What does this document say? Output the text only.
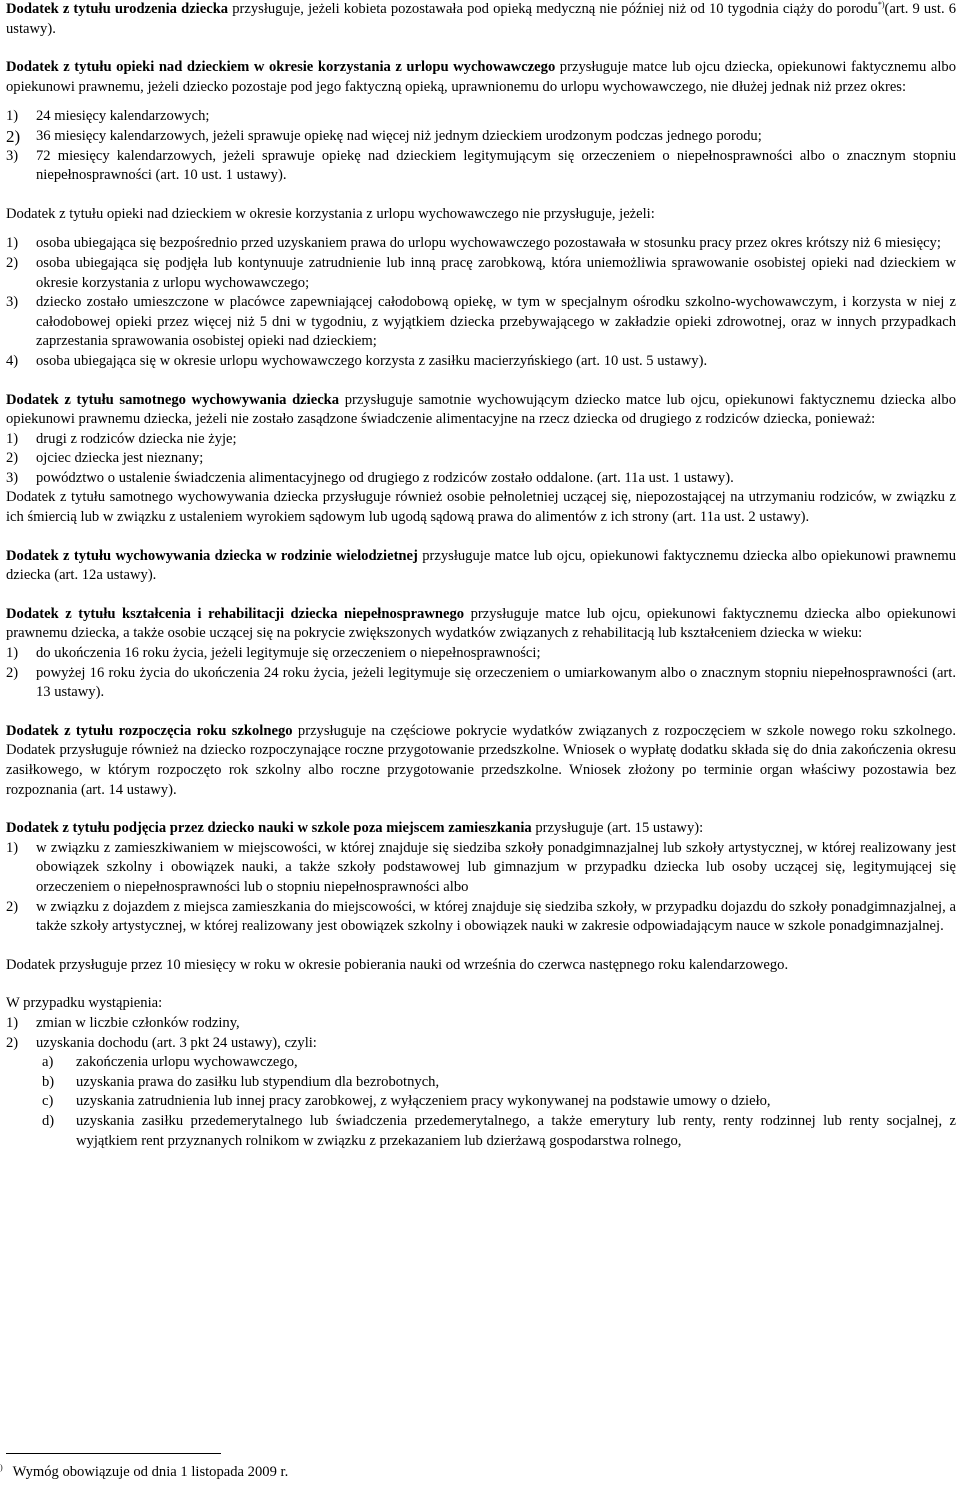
Dodatek z tytułu urodzenia dziecka przysługuje, jeżeli kobieta pozostawała pod opieką medyczną nie później niż od 10 tygodnia ciąży do porodu*)(art. 9 ust. 6 ustawy).

Dodatek z tytułu opieki nad dzieckiem w okresie korzystania z urlopu wychowawczego przysługuje matce lub ojcu dziecka, opiekunowi faktycznemu albo opiekunowi prawnemu, jeżeli dziecko pozostaje pod jego faktyczną opieką, uprawnionemu do urlopu wychowawczego, nie dłużej jednak niż przez okres:

1)	24 miesięcy kalendarzowych;
2)	36 miesięcy kalendarzowych, jeżeli sprawuje opiekę nad więcej niż jednym dzieckiem urodzonym podczas jednego porodu;
3)	72 miesięcy kalendarzowych, jeżeli sprawuje opiekę nad dzieckiem legitymującym się orzeczeniem o niepełnosprawności albo o znacznym stopniu niepełnosprawności (art. 10 ust. 1 ustawy).

Dodatek z tytułu opieki nad dzieckiem w okresie korzystania z urlopu wychowawczego nie przysługuje, jeżeli:

1)	osoba ubiegająca się bezpośrednio przed uzyskaniem prawa do urlopu wychowawczego pozostawała w stosunku pracy przez okres krótszy niż 6 miesięcy;
2)	osoba ubiegająca się podjęła lub kontynuuje zatrudnienie lub inną pracę zarobkową, która uniemożliwia sprawowanie osobistej opieki nad dzieckiem w okresie korzystania z urlopu wychowawczego;
3)	dziecko zostało umieszczone w placówce zapewniającej całodobową opiekę, w tym w specjalnym ośrodku szkolno-wychowawczym, i korzysta w niej z całodobowej opieki przez więcej niż 5 dni w tygodniu, z wyjątkiem dziecka przebywającego w zakładzie opieki zdrowotnej, oraz w innych przypadkach zaprzestania sprawowania osobistej opieki nad dzieckiem;
4)	osoba ubiegająca się w okresie urlopu wychowawczego korzysta z zasiłku macierzyńskiego (art. 10 ust. 5 ustawy).

Dodatek z tytułu samotnego wychowywania dziecka przysługuje samotnie wychowującym dziecko matce lub ojcu, opiekunowi faktycznemu dziecka albo opiekunowi prawnemu dziecka, jeżeli nie zostało zasądzone świadczenie alimentacyjne na rzecz dziecka od drugiego z rodziców dziecka, ponieważ:

1)	drugi z rodziców dziecka nie żyje;
2)	ojciec dziecka jest nieznany;
3)	powództwo o ustalenie świadczenia alimentacyjnego od drugiego z rodziców zostało oddalone. (art. 11a ust. 1 ustawy).

Dodatek z tytułu samotnego wychowywania dziecka przysługuje również osobie pełnoletniej uczącej się, niepozostającej na utrzymaniu rodziców, w związku z ich śmiercią lub w związku z ustaleniem wyrokiem sądowym lub ugodą sądową prawa do alimentów z ich strony (art. 11a ust. 2 ustawy).

Dodatek z tytułu wychowywania dziecka w rodzinie wielodzietnej przysługuje matce lub ojcu, opiekunowi faktycznemu dziecka albo opiekunowi prawnemu dziecka (art. 12a ustawy).

Dodatek z tytułu kształcenia i rehabilitacji dziecka niepełnosprawnego przysługuje matce lub ojcu, opiekunowi faktycznemu dziecka albo opiekunowi prawnemu dziecka, a także osobie uczącej się na pokrycie zwiększonych wydatków związanych z rehabilitacją lub kształceniem dziecka w wieku:

1)	do ukończenia 16 roku życia, jeżeli legitymuje się orzeczeniem o niepełnosprawności;
2)	powyżej 16 roku życia do ukończenia 24 roku życia, jeżeli legitymuje się orzeczeniem o umiarkowanym albo o znacznym stopniu niepełnosprawności (art. 13 ustawy).

Dodatek z tytułu rozpoczęcia roku szkolnego przysługuje na częściowe pokrycie wydatków związanych z rozpoczęciem w szkole nowego roku szkolnego. Dodatek przysługuje również na dziecko rozpoczynające roczne przygotowanie przedszkolne. Wniosek o wypłatę dodatku składa się do dnia zakończenia okresu zasiłkowego, w którym rozpoczęto rok szkolny albo roczne przygotowanie przedszkolne. Wniosek złożony po terminie organ właściwy pozostawia bez rozpoznania (art. 14 ustawy).

Dodatek z tytułu podjęcia przez dziecko nauki w szkole poza miejscem zamieszkania przysługuje (art. 15 ustawy):

1)	w związku z zamieszkiwaniem w miejscowości, w której znajduje się siedziba szkoły ponadgimnazjalnej lub szkoły artystycznej, w której realizowany jest obowiązek szkolny i obowiązek nauki, a także szkoły podstawowej lub gimnazjum w przypadku dziecka lub osoby uczącej się, legitymującej się orzeczeniem o niepełnosprawności lub o stopniu niepełnosprawności albo
2)	w związku z dojazdem z miejsca zamieszkania do miejscowości, w której znajduje się siedziba szkoły, w przypadku dojazdu do szkoły ponadgimnazjalnej, a także szkoły artystycznej, w której realizowany jest obowiązek szkolny i obowiązek nauki w zakresie odpowiadającym nauce w szkole ponadgimnazjalnej.

Dodatek przysługuje przez 10 miesięcy w roku w okresie pobierania nauki od września do czerwca następnego roku kalendarzowego.

W przypadku wystąpienia:

1)	zmian w liczbie członków rodziny,
2)	uzyskania dochodu (art. 3 pkt 24 ustawy), czyli:
a)	zakończenia urlopu wychowawczego,
b)	uzyskania prawa do zasiłku lub stypendium dla bezrobotnych,
c)	uzyskania zatrudnienia lub innej pracy zarobkowej, z wyłączeniem pracy wykonywanej na podstawie umowy o dzieło,
d)	uzyskania zasiłku przedemerytalnego lub świadczenia przedemerytalnego, a także emerytury lub renty, renty rodzinnej lub renty socjalnej, z wyjątkiem rent przyznanych rolnikom w związku z przekazaniem lub dzierżawą gospodarstwa rolnego,
) Wymóg obowiązuje od dnia 1 listopada 2009 r.
